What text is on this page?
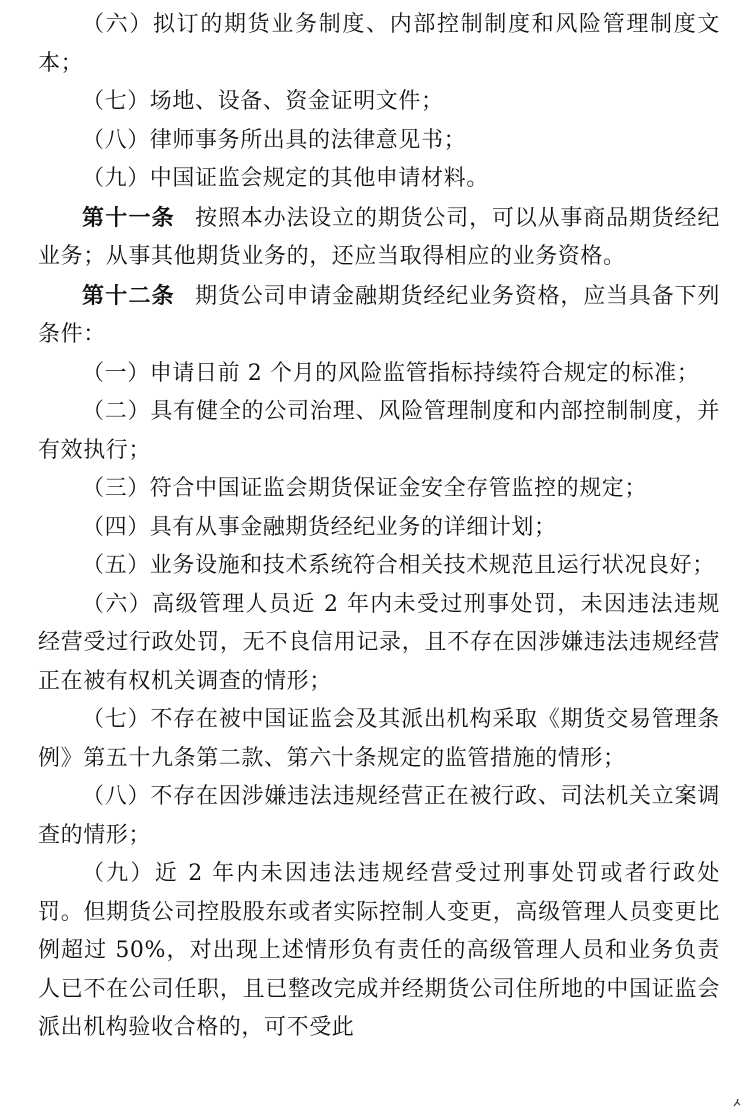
（六）拟订的期货业务制度、内部控制制度和风险管理制度文本；

（七）场地、设备、资金证明文件；

（八）律师事务所出具的法律意见书；

（九）中国证监会规定的其他申请材料。

第十一条 按照本办法设立的期货公司，可以从事商品期货经纪业务；从事其他期货业务的，还应当取得相应的业务资格。

第十二条 期货公司申请金融期货经纪业务资格，应当具备下列条件：

（一）申请日前 2 个月的风险监管指标持续符合规定的标准；

（二）具有健全的公司治理、风险管理制度和内部控制制度，并有效执行；

（三）符合中国证监会期货保证金安全存管监控的规定；

（四）具有从事金融期货经纪业务的详细计划；

（五）业务设施和技术系统符合相关技术规范且运行状况良好；

（六）高级管理人员近 2 年内未受过刑事处罚，未因违法违规经营受过行政处罚，无不良信用记录，且不存在因涉嫌违法违规经营正在被有权机关调查的情形；

（七）不存在被中国证监会及其派出机构采取《期货交易管理条例》第五十九条第二款、第六十条规定的监管措施的情形；

（八）不存在因涉嫌违法违规经营正在被行政、司法机关立案调查的情形；

（九）近 2 年内未因违法违规经营受过刑事处罚或者行政处罚。但期货公司控股股东或者实际控制人变更，高级管理人员变更比例超过 50%，对出现上述情形负有责任的高级管理人员和业务负责人已不在公司任职，且已整改完成并经期货公司住所地的中国证监会派出机构验收合格的，可不受此
